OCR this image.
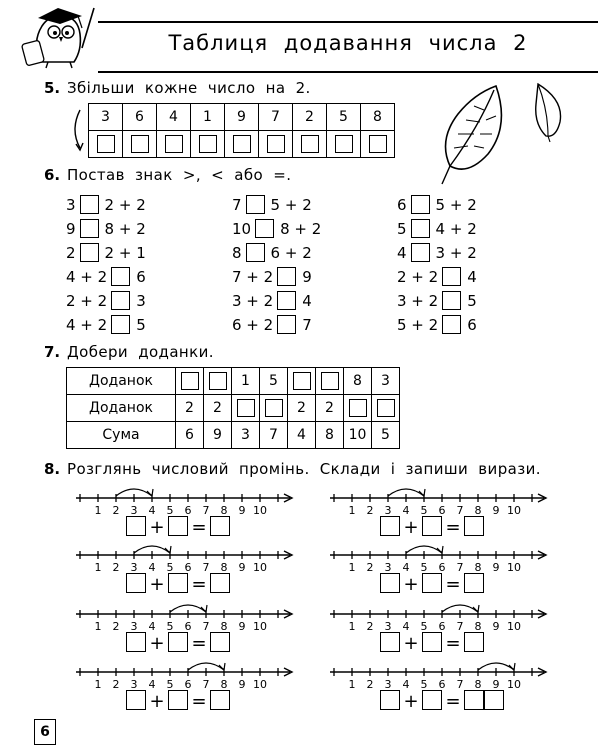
Таблиця додавання числа 2
5. Збільши кожне число на 2.
3	6	4	1	9	7	2	5	8

6. Постав знак >, < або =.
3 2 + 2
9 8 + 2
2 2 + 1
4 + 2 6
2 + 2 3
4 + 2 5
7 5 + 2
10 8 + 2
8 6 + 2
7 + 2 9
3 + 2 4
6 + 2 7
6 5 + 2
5 4 + 2
4 3 + 2
2 + 2 4
3 + 2 5
5 + 2 6
7. Добери доданки.
Доданок			1	5			8	3
Доданок	2	2			2	2		
Сума	6	9	3	7	4	8	10	5
8. Розглянь числовий промінь. Склади і запиши вирази.
1 2 3 4 5 6 7 8 9 10
+ =
1 2 3 4 5 6 7 8 9 10
+ =
1 2 3 4 5 6 7 8 9 10
+ =
1 2 3 4 5 6 7 8 9 10
+ =
1 2 3 4 5 6 7 8 9 10
+ =
1 2 3 4 5 6 7 8 9 10
+ =
1 2 3 4 5 6 7 8 9 10
+ =
1 2 3 4 5 6 7 8 9 10
+ =
6
